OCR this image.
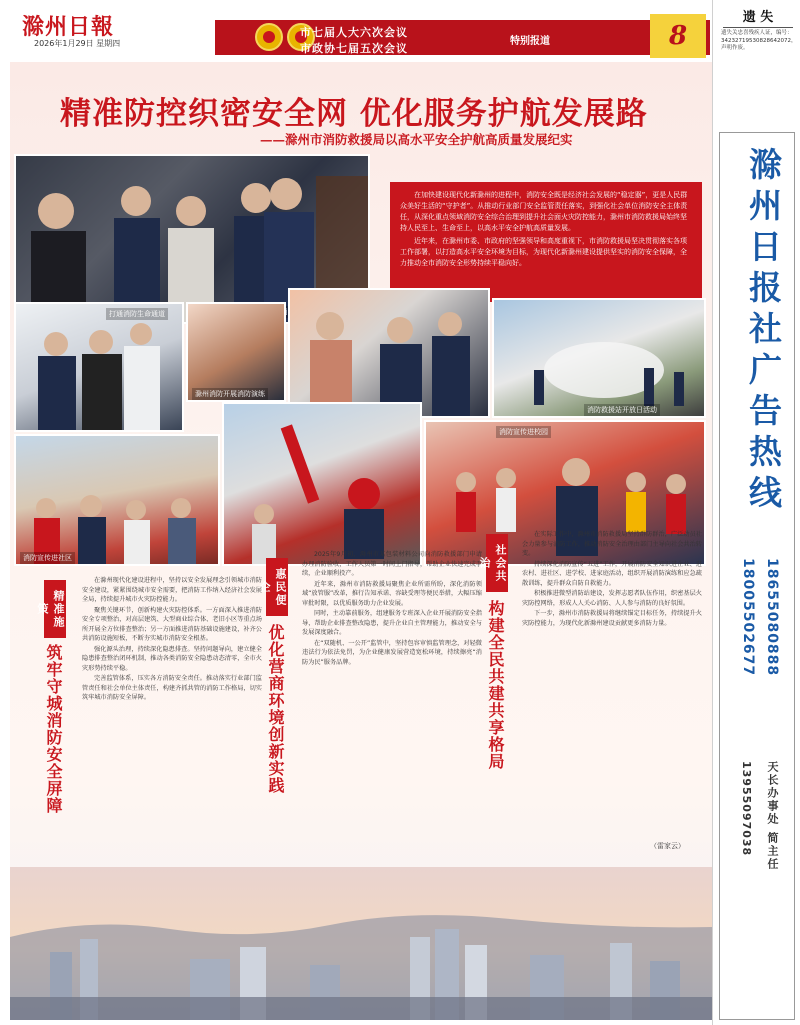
滁州日報
2026年1月29日 星期四
市七届人大六次会议
市政协七届五次会议
特别报道	8
精准防控织密安全网 优化服务护航发展路
——滁州市消防救援局以高水平安全护航高质量发展纪实

在加快建设现代化新滁州的进程中，消防安全既是经济社会发展的“稳定器”，更是人民群众美好生活的“守护者”。从推动行业部门安全监管责任落实，到强化社会单位消防安全主体责任，从深化重点领域消防安全综合治理到提升社会面火灾防控能力，滁州市消防救援局始终坚持人民至上、生命至上，以高水平安全护航高质量发展。

近年来，在滁州市委、市政府的坚强领导和高度重视下，市消防救援局坚决贯彻落实各项工作部署，以打造高水平安全环境为目标，为现代化新滁州建设提供坚实的消防安全保障，全力推动全市消防安全形势持续平稳向好。

打通消防生命通道
滁州消防开展消防演练
消防救援站开放日活动
消防宣传进社区
消防宣传进校园
精准施策
筑牢守城消防安全屏障

在滁州现代化建设进程中，坚持以安全发展理念引领城市消防安全建设，紧紧围绕城市安全需要，把消防工作纳入经济社会发展全局，持续提升城市火灾防控能力。

聚焦关键环节，创新构建火灾防控体系。一方面深入推进消防安全专项整治，对高层建筑、大型商业综合体、老旧小区等重点场所开展全方位排查整治；另一方面推进消防基础设施建设，补齐公共消防设施短板，不断夯实城市消防安全根基。

强化源头治理，持续深化隐患排查。坚持问题导向，建立健全隐患排查整治闭环机制，推动各类消防安全隐患动态清零，全市火灾形势持续平稳。

完善监管体系，压实各方消防安全责任。推动落实行业部门监管责任和社会单位主体责任，构建齐抓共管的消防工作格局，切实筑牢城市消防安全屏障。

惠民便企
优化营商环境创新实践

2025年9月初，滁州市某包装材料公司向消防救援部门申请办理消防验收，工作人员第一时间上门指导，帮助企业快速完成手续，企业顺利投产。

近年来，滁州市消防救援局聚焦企业所需所盼，深化消防领域“放管服”改革，推行告知承诺、容缺受理等便民举措，大幅压缩审批时限，以优质服务助力企业发展。

同时，主动靠前服务，组建服务专班深入企业开展消防安全指导，帮助企业排查整改隐患，提升企业自主管理能力，推动安全与发展深度融合。

在“双随机、一公开”监管中，坚持包容审慎监管理念，对轻微违法行为依法免罚，为企业健康发展营造宽松环境，持续擦亮“消防为民”服务品牌。

社会共治
构建全民共建共享格局

在实际工作中，滁州市消防救援局坚持群防群治，广泛动员社会力量参与消防工作，推动消防安全治理由部门主导向社会共治转变。

持续深化消防宣传“五进”工作，开展消防安全知识进企业、进农村、进社区、进学校、进家庭活动，组织开展消防演练和应急疏散训练，提升群众自防自救能力。

积极推进微型消防站建设，发挥志愿者队伍作用，织密基层火灾防控网络，形成人人关心消防、人人参与消防的良好氛围。

下一步，滁州市消防救援局将继续锚定目标任务，持续提升火灾防控能力，为现代化新滁州建设贡献更多消防力量。

（雷家云）
遗 失
遗失关忠喜残疾人证，编号：34232719530828642072，声明作废。
滁州日报社广告热线
18655080888
18005502677
天长办事处 简主任
13955097038
